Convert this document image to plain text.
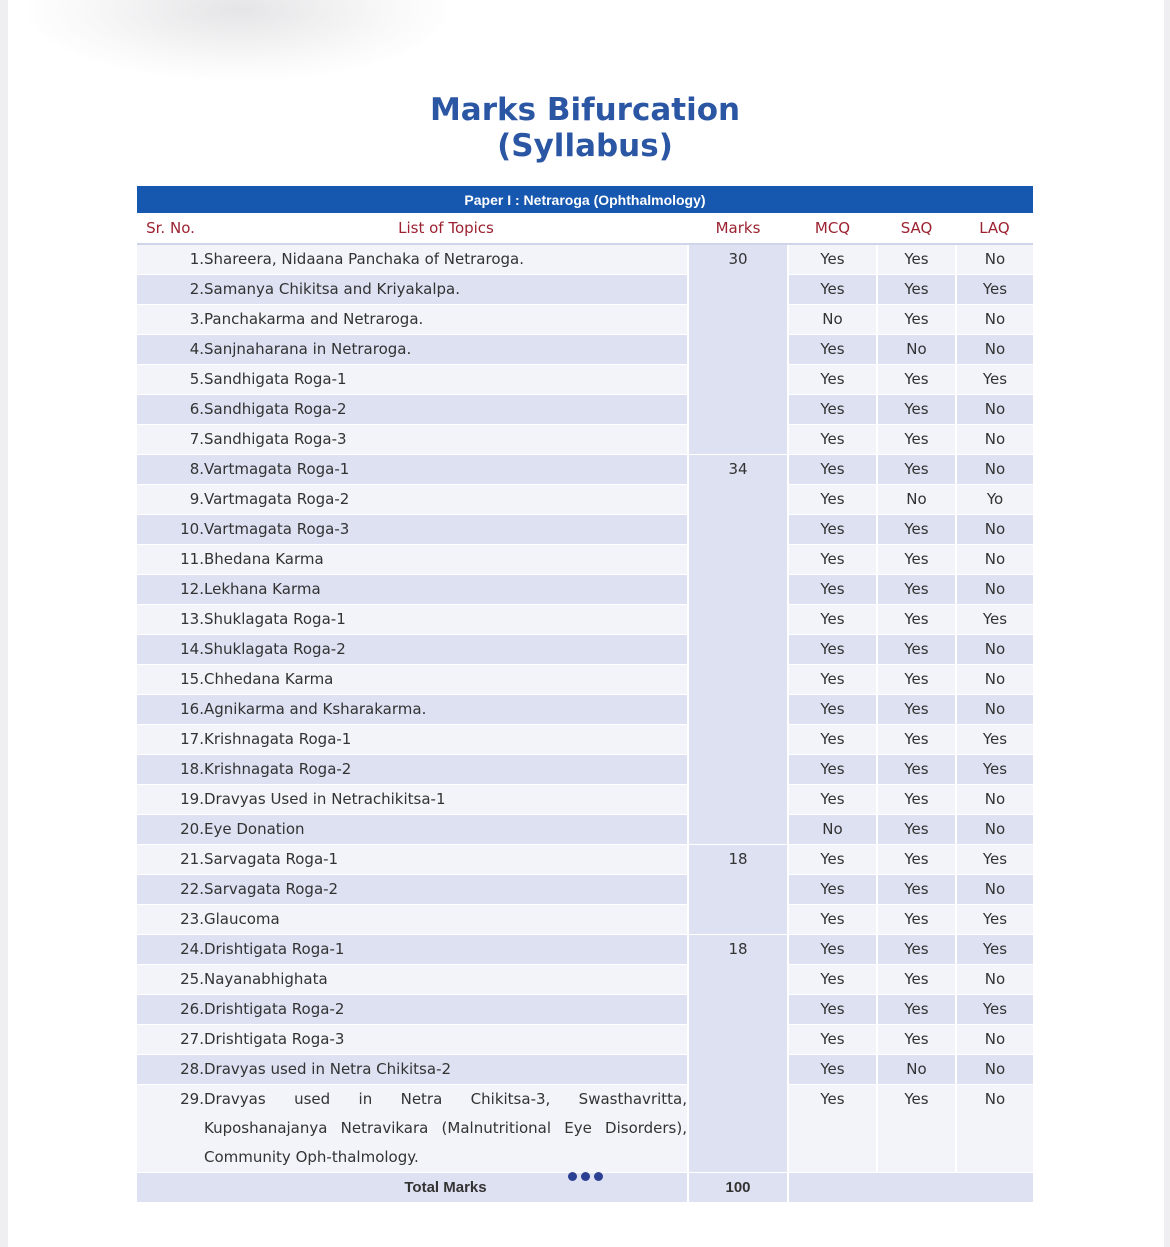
Marks Bifurcation
(Syllabus)
Paper I : Netraroga (Ophthalmology)
Sr. No.	List of Topics	Marks	MCQ	SAQ	LAQ
1.	Shareera, Nidaana Panchaka of Netraroga.	30	Yes	Yes	No
2.	Samanya Chikitsa and Kriyakalpa.		Yes	Yes	Yes
3.	Panchakarma and Netraroga.		No	Yes	No
4.	Sanjnaharana in Netraroga.		Yes	No	No
5.	Sandhigata Roga-1		Yes	Yes	Yes
6.	Sandhigata Roga-2		Yes	Yes	No
7.	Sandhigata Roga-3		Yes	Yes	No
8.	Vartmagata Roga-1	34	Yes	Yes	No
9.	Vartmagata Roga-2		Yes	No	Yo
10.	Vartmagata Roga-3		Yes	Yes	No
11.	Bhedana Karma		Yes	Yes	No
12.	Lekhana Karma		Yes	Yes	No
13.	Shuklagata Roga-1		Yes	Yes	Yes
14.	Shuklagata Roga-2		Yes	Yes	No
15.	Chhedana Karma		Yes	Yes	No
16.	Agnikarma and Ksharakarma.		Yes	Yes	No
17.	Krishnagata Roga-1		Yes	Yes	Yes
18.	Krishnagata Roga-2		Yes	Yes	Yes
19.	Dravyas Used in Netrachikitsa-1		Yes	Yes	No
20.	Eye Donation		No	Yes	No
21.	Sarvagata Roga-1	18	Yes	Yes	Yes
22.	Sarvagata Roga-2		Yes	Yes	No
23.	Glaucoma		Yes	Yes	Yes
24.	Drishtigata Roga-1	18	Yes	Yes	Yes
25.	Nayanabhighata		Yes	Yes	No
26.	Drishtigata Roga-2		Yes	Yes	Yes
27.	Drishtigata Roga-3		Yes	Yes	No
28.	Dravyas used in Netra Chikitsa-2		Yes	No	No
29.	Dravyas used in Netra Chikitsa-3, Swasthavritta, Kuposhanajanya Netravikara (Malnutritional Eye Disorders), Community Oph-thalmology.		Yes	Yes	No
	Total Marks	100			
